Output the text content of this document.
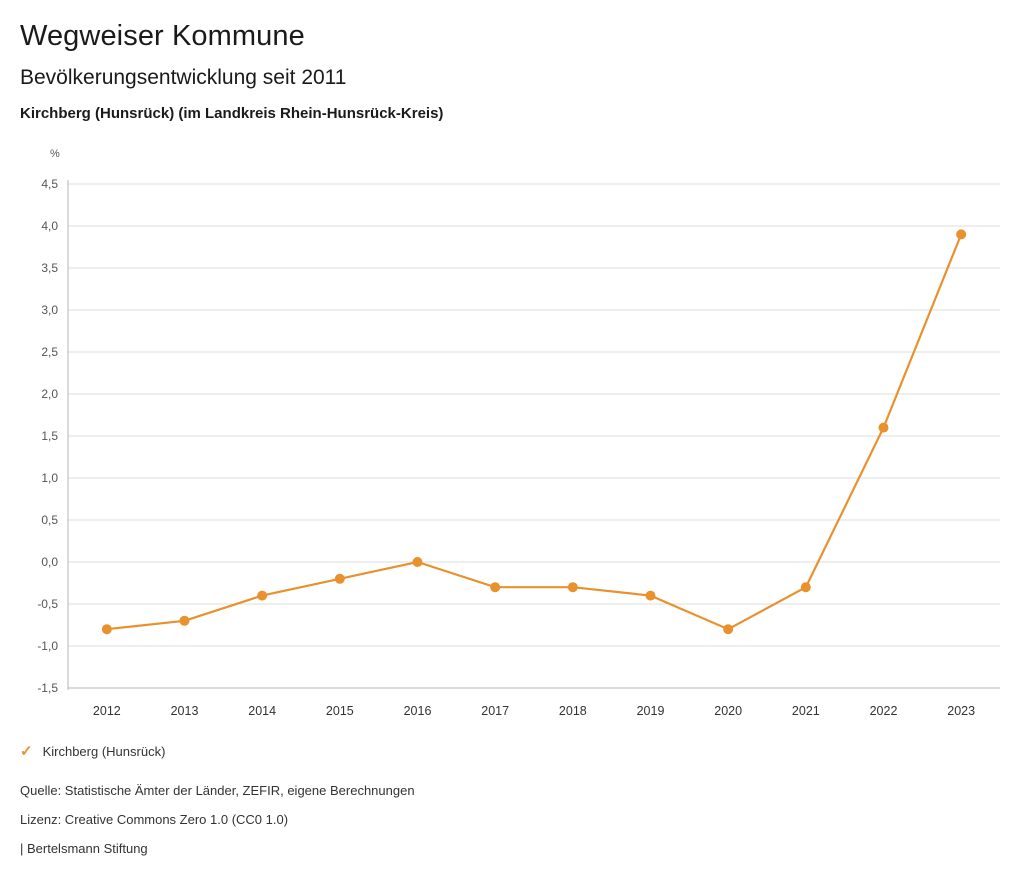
Wegweiser Kommune
Bevölkerungsentwicklung seit 2011
Kirchberg (Hunsrück) (im Landkreis Rhein-Hunsrück-Kreis)
%
4,5
4,0
3,5
3,0
2,5
2,0
1,5
1,0
0,5
0,0
-0,5
-1,0
-1,5
2012	2013	2014	2015	2016	2017	2018	2019	2020	2021	2022	2023
✓ Kirchberg (Hunsrück)
Quelle: Statistische Ämter der Länder, ZEFIR, eigene Berechnungen
Lizenz: Creative Commons Zero 1.0 (CC0 1.0)
| Bertelsmann Stiftung
